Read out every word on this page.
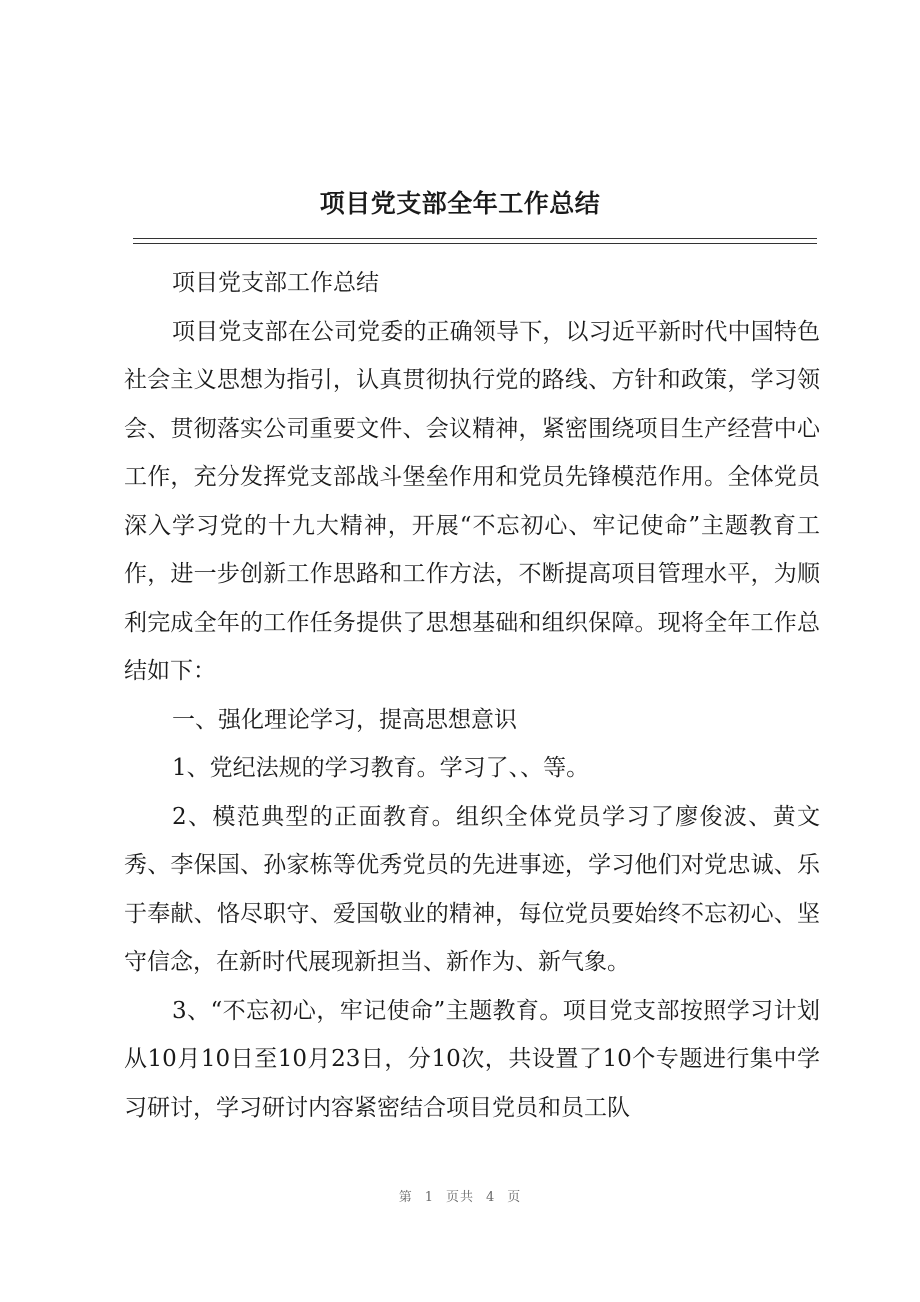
项目党支部全年工作总结

项目党支部工作总结

项目党支部在公司党委的正确领导下，以习近平新时代中国特色社会主义思想为指引，认真贯彻执行党的路线、方针和政策，学习领会、贯彻落实公司重要文件、会议精神，紧密围绕项目生产经营中心工作，充分发挥党支部战斗堡垒作用和党员先锋模范作用。全体党员深入学习党的十九大精神，开展“不忘初心、牢记使命”主题教育工作，进一步创新工作思路和工作方法，不断提高项目管理水平，为顺利完成全年的工作任务提供了思想基础和组织保障。现将全年工作总结如下：

一、强化理论学习，提高思想意识

1、党纪法规的学习教育。学习了、、等。

2、模范典型的正面教育。组织全体党员学习了廖俊波、黄文秀、李保国、孙家栋等优秀党员的先进事迹，学习他们对党忠诚、乐于奉献、恪尽职守、爱国敬业的精神，每位党员要始终不忘初心、坚守信念，在新时代展现新担当、新作为、新气象。

3、“不忘初心，牢记使命”主题教育。项目党支部按照学习计划从10月10日至10月23日，分10次，共设置了10个专题进行集中学习研讨，学习研讨内容紧密结合项目党员和员工队

第 1 页共 4 页
